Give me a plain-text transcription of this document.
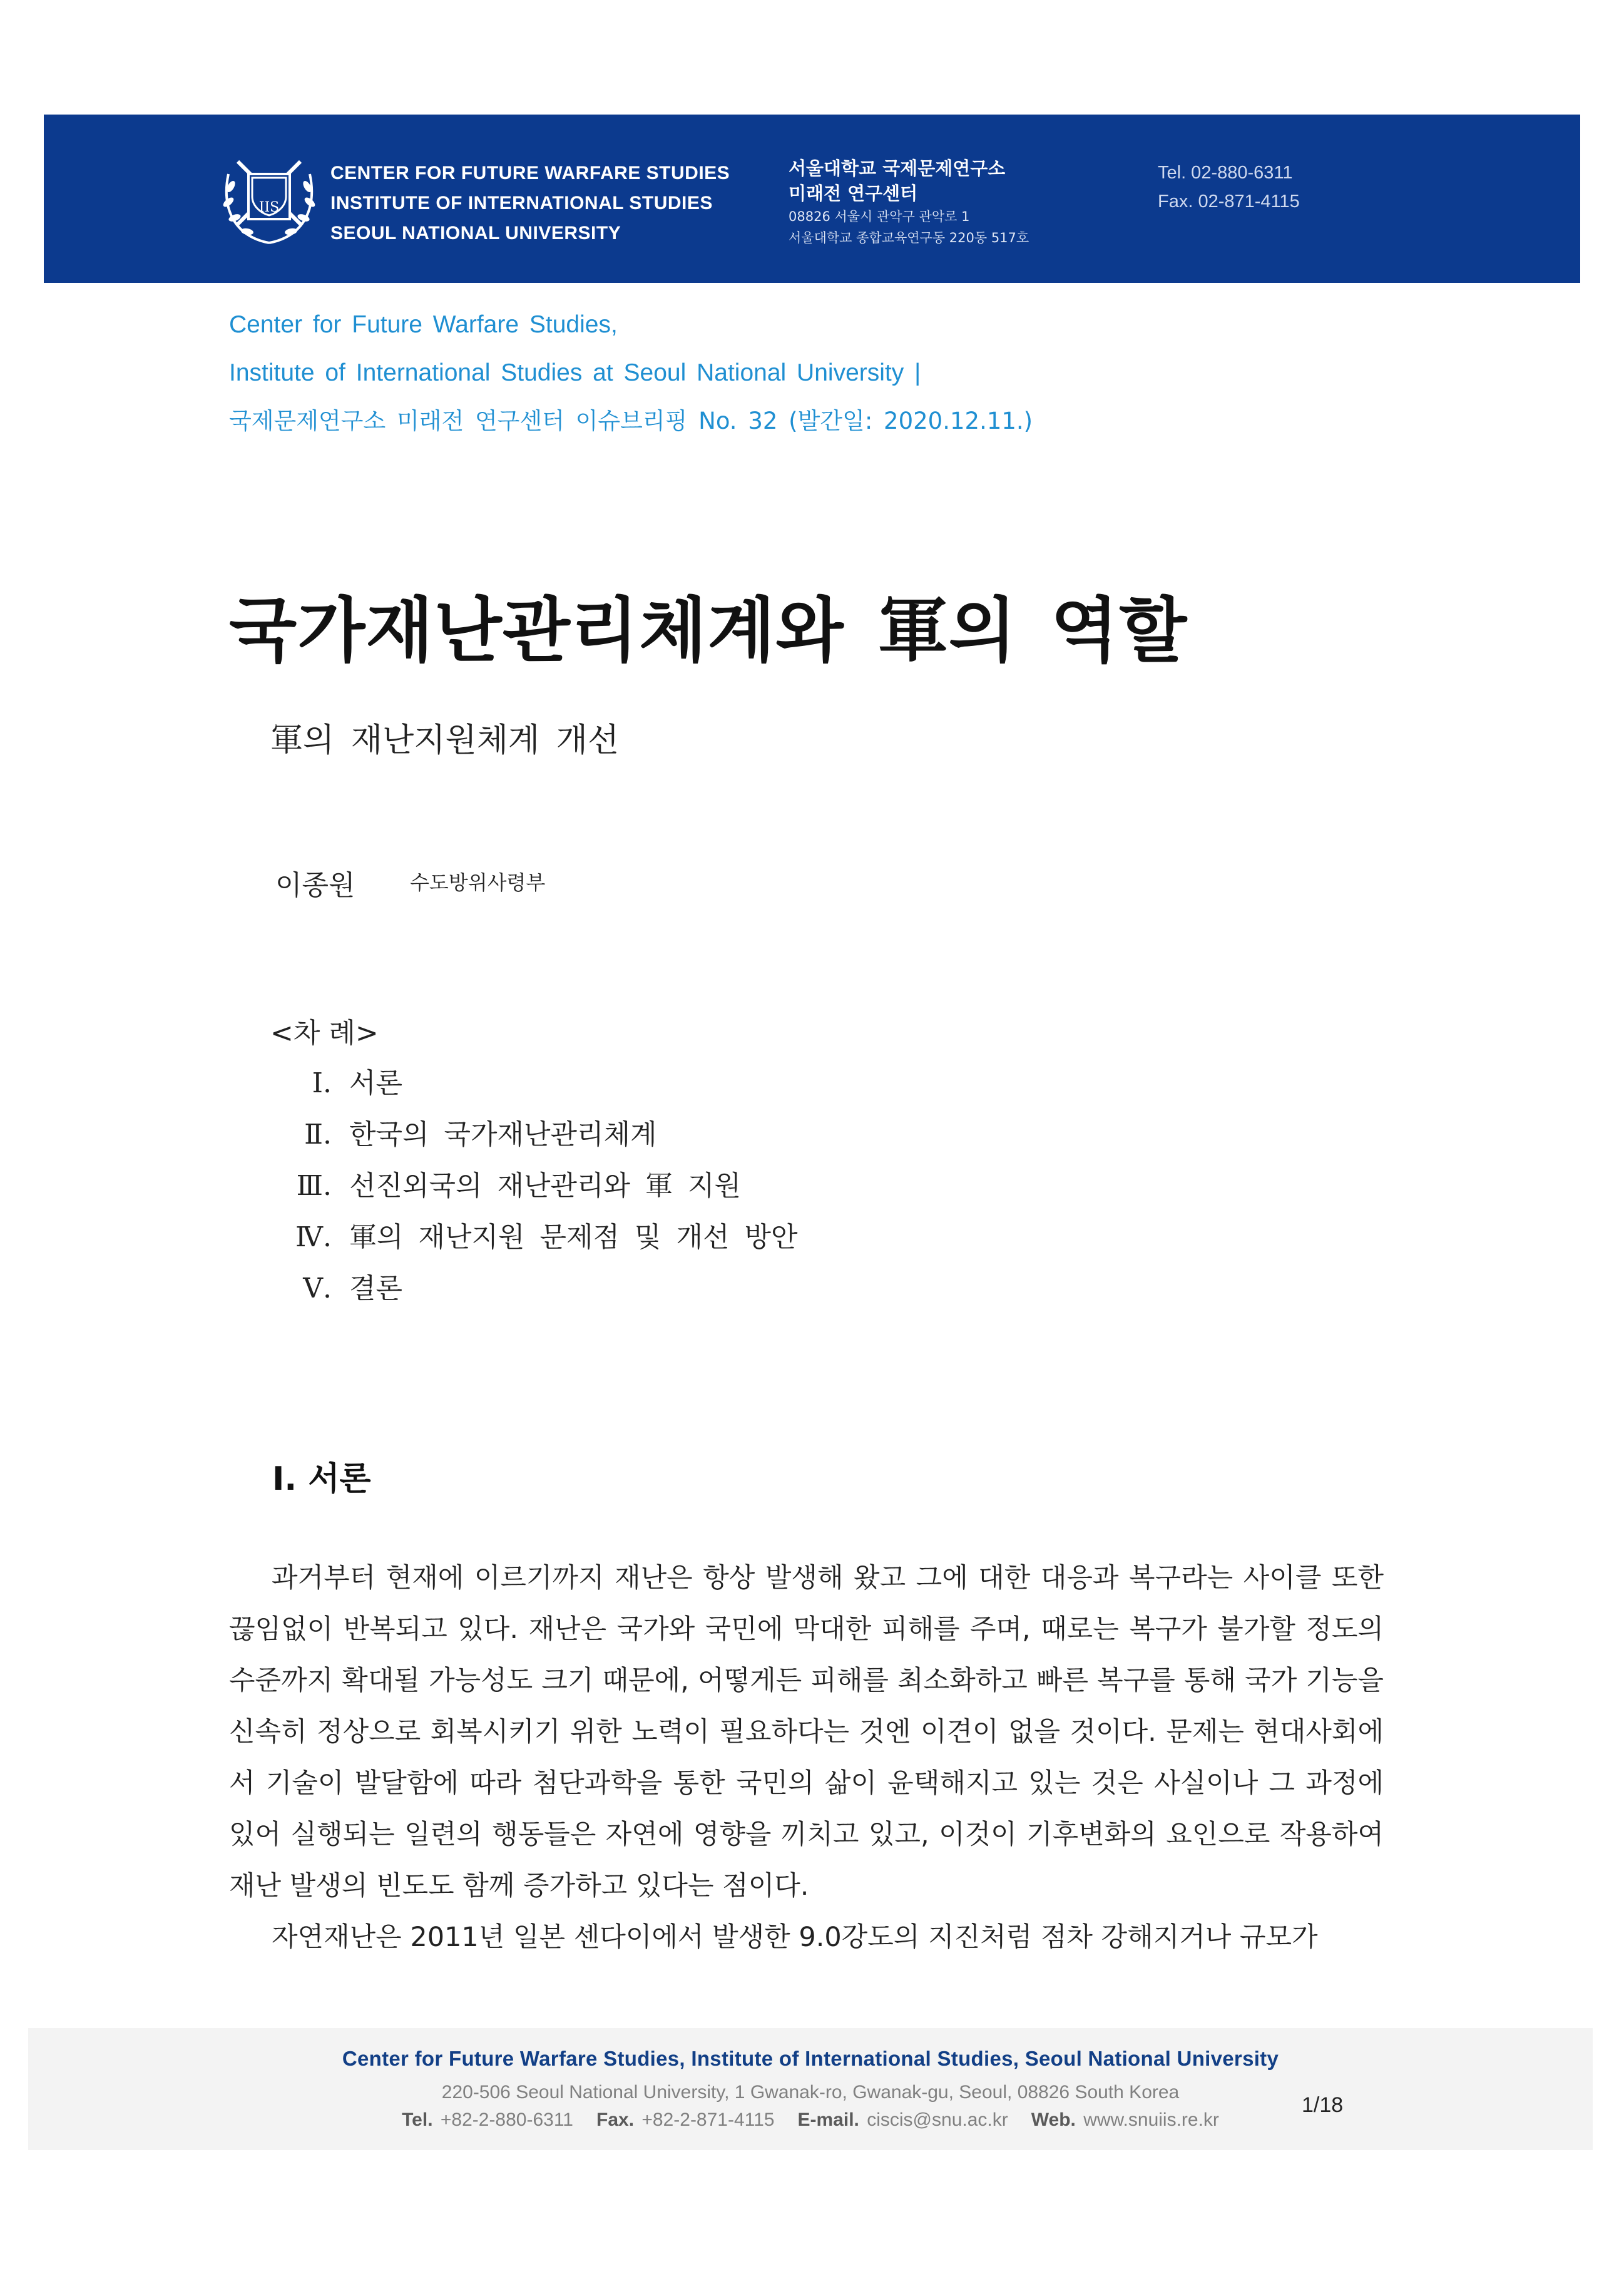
IIS
CENTER FOR FUTURE WARFARE STUDIES
INSTITUTE OF INTERNATIONAL STUDIES
SEOUL NATIONAL UNIVERSITY
서울대학교 국제문제연구소
미래전 연구센터
08826 서울시 관악구 관악로 1
서울대학교 종합교육연구동 220동 517호
Tel. 02-880-6311
Fax. 02-871-4115
Center for Future Warfare Studies,
Institute of International Studies at Seoul National University |
국제문제연구소 미래전 연구센터 이슈브리핑 No. 32 (발간일: 2020.12.11.)
국가재난관리체계와 軍의 역할
軍의 재난지원체계 개선
이종원	수도방위사령부
<차 례>
Ⅰ. 서론
Ⅱ. 한국의 국가재난관리체계
Ⅲ. 선진외국의 재난관리와 軍 지원
Ⅳ. 軍의 재난지원 문제점 및 개선 방안
Ⅴ. 결론
I. 서론

과거부터 현재에 이르기까지 재난은 항상 발생해 왔고 그에 대한 대응과 복구라는 사이클 또한 끊임없이 반복되고 있다. 재난은 국가와 국민에 막대한 피해를 주며, 때로는 복구가 불가할 정도의 수준까지 확대될 가능성도 크기 때문에, 어떻게든 피해를 최소화하고 빠른 복구를 통해 국가 기능을 신속히 정상으로 회복시키기 위한 노력이 필요하다는 것엔 이견이 없을 것이다. 문제는 현대사회에서 기술이 발달함에 따라 첨단과학을 통한 국민의 삶이 윤택해지고 있는 것은 사실이나 그 과정에 있어 실행되는 일련의 행동들은 자연에 영향을 끼치고 있고, 이것이 기후변화의 요인으로 작용하여 재난 발생의 빈도도 함께 증가하고 있다는 점이다.

자연재난은 2011년 일본 센다이에서 발생한 9.0강도의 지진처럼 점차 강해지거나 규모가

Center for Future Warfare Studies, Institute of International Studies, Seoul National University
220-506 Seoul National University, 1 Gwanak-ro, Gwanak-gu, Seoul, 08826 South Korea
Tel. +82-2-880-6311 Fax. +82-2-871-4115 E-mail. ciscis@snu.ac.kr Web. www.snuiis.re.kr
1/18
